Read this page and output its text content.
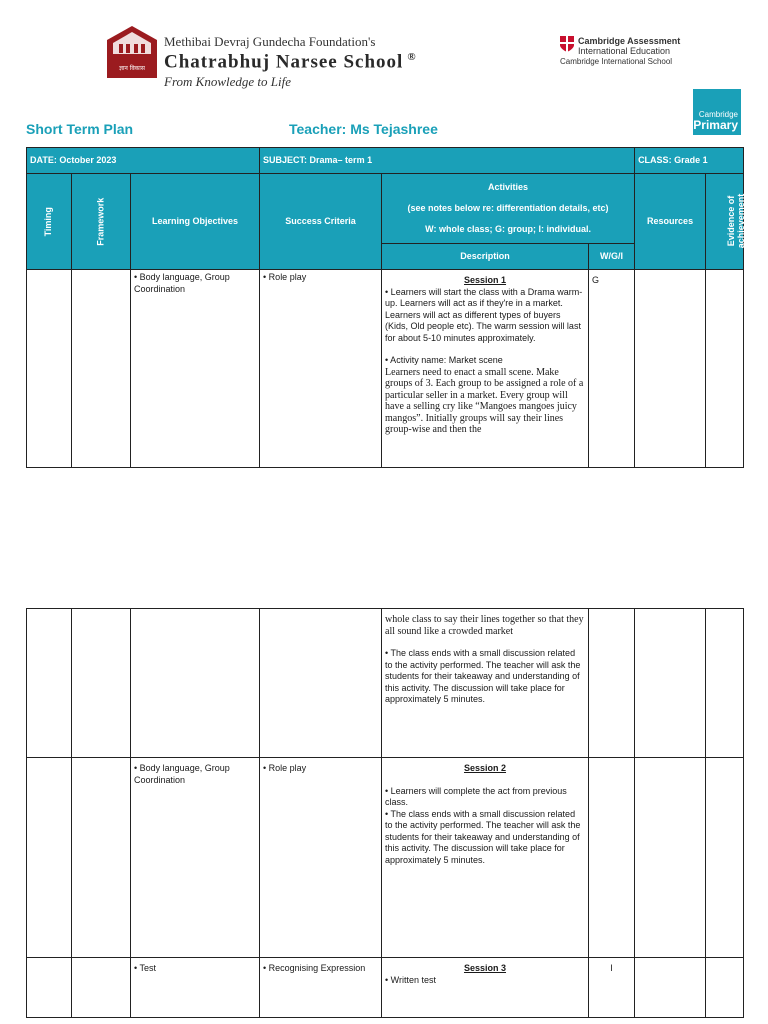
ज्ञान विकास
Methibai Devraj Gundecha Foundation's
Chatrabhuj Narsee School ®
From Knowledge to Life
Cambridge Assessment
International Education
Cambridge International School
Short Term Plan	Teacher: Ms Tejashree
Cambridge
Primary
DATE: October 2023			SUBJECT: Drama– term 1			CLASS: Grade 1	
Timing	Framework	Learning Objectives	Success Criteria	Activities
(see notes below re: differentiation details, etc)
W: whole class; G: group; I: individual.		Resources	Evidence of achievement
				Description	W/G/I		
		• Body language, Group Coordination	• Role play	Session 1
• Learners will start the class with a Drama warm-up. Learners will act as if they're in a market. Learners will act as different types of buyers (Kids, Old people etc). The warm session will last for about 5-10 minutes approximately.
• Activity name: Market scene
Learners need to enact a small scene. Make groups of 3. Each group to be assigned a role of a particular seller in a market. Every group will have a selling cry like “Mangoes mangoes juicy mangos”. Initially groups will say their lines group-wise and then the	G		

				whole class to say their lines together so that they all sound like a crowded market
• The class ends with a small discussion related to the activity performed. The teacher will ask the students for their takeaway and understanding of this activity. The discussion will take place for approximately 5 minutes.			

		• Body language, Group Coordination	• Role play	Session 2
• Learners will complete the act from previous class.
• The class ends with a small discussion related to the activity performed. The teacher will ask the students for their takeaway and understanding of this activity. The discussion will take place for approximately 5 minutes.			

		• Test	• Recognising Expression	Session 3
• Written test	I		
